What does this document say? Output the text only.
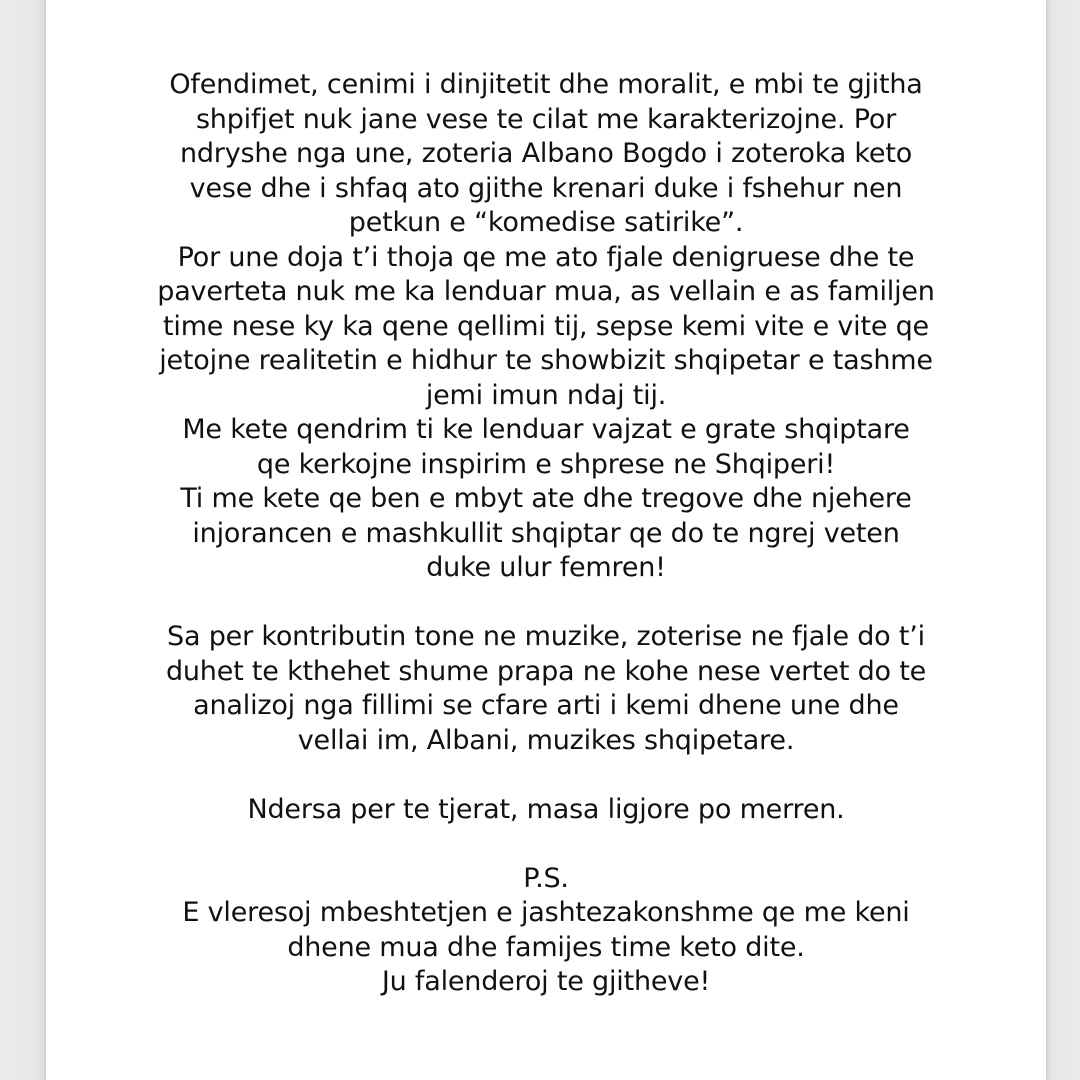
Ofendimet, cenimi i dinjitetit dhe moralit, e mbi te gjitha
shpifjet nuk jane vese te cilat me karakterizojne. Por
ndryshe nga une, zoteria Albano Bogdo i zoteroka keto
vese dhe i shfaq ato gjithe krenari duke i fshehur nen
petkun e “komedise satirike”.
Por une doja t’i thoja qe me ato fjale denigruese dhe te
paverteta nuk me ka lenduar mua, as vellain e as familjen
time nese ky ka qene qellimi tij, sepse kemi vite e vite qe
jetojne realitetin e hidhur te showbizit shqipetar e tashme
jemi imun ndaj tij.
Me kete qendrim ti ke lenduar vajzat e grate shqiptare
qe kerkojne inspirim e shprese ne Shqiperi!
Ti me kete qe ben e mbyt ate dhe tregove dhe njehere
injorancen e mashkullit shqiptar qe do te ngrej veten
duke ulur femren!
Sa per kontributin tone ne muzike, zoterise ne fjale do t’i
duhet te kthehet shume prapa ne kohe nese vertet do te
analizoj nga fillimi se cfare arti i kemi dhene une dhe
vellai im, Albani, muzikes shqipetare.
Ndersa per te tjerat, masa ligjore po merren.
P.S.
E vleresoj mbeshtetjen e jashtezakonshme qe me keni
dhene mua dhe famijes time keto dite.
Ju falenderoj te gjitheve!
